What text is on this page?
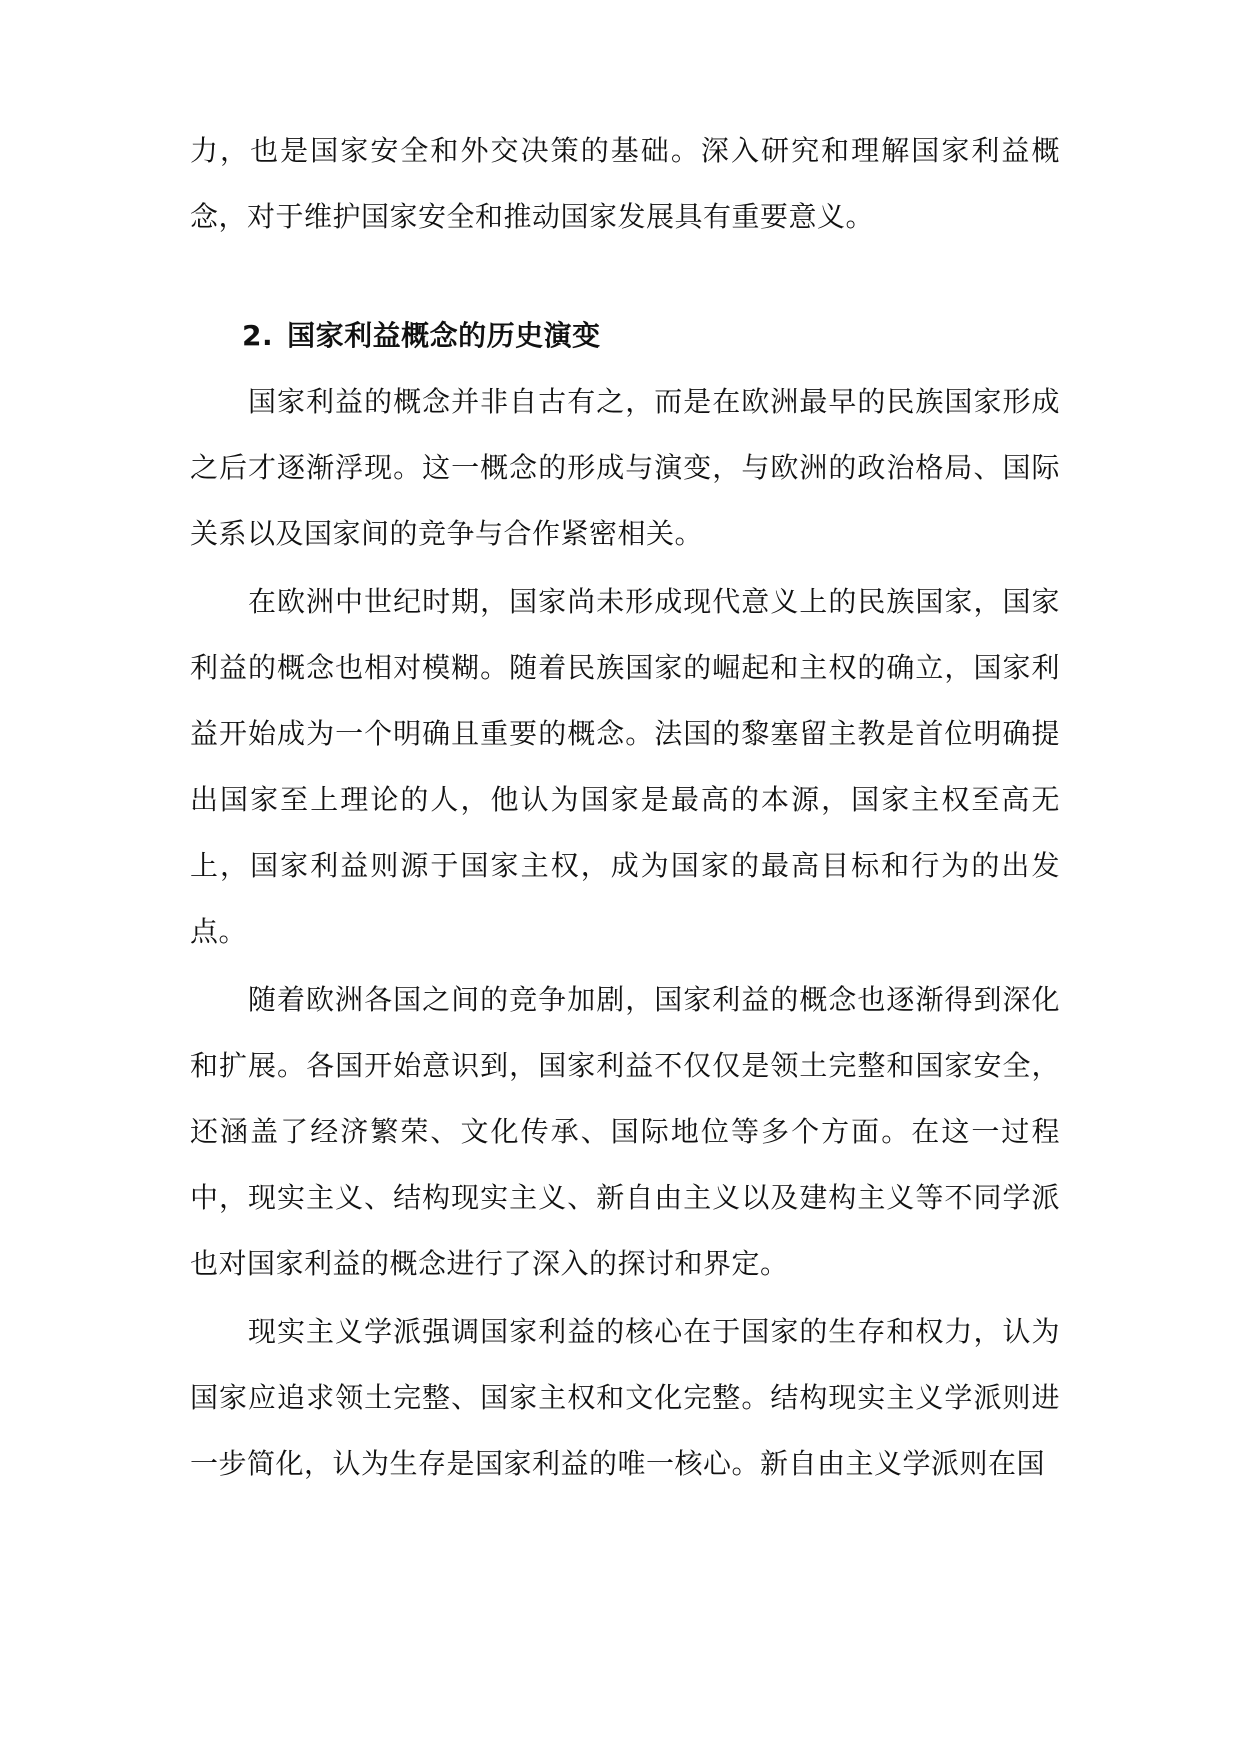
力，也是国家安全和外交决策的基础。深入研究和理解国家利益概念，对于维护国家安全和推动国家发展具有重要意义。

2. 国家利益概念的历史演变

国家利益的概念并非自古有之，而是在欧洲最早的民族国家形成之后才逐渐浮现。这一概念的形成与演变，与欧洲的政治格局、国际关系以及国家间的竞争与合作紧密相关。

在欧洲中世纪时期，国家尚未形成现代意义上的民族国家，国家利益的概念也相对模糊。随着民族国家的崛起和主权的确立，国家利益开始成为一个明确且重要的概念。法国的黎塞留主教是首位明确提出国家至上理论的人，他认为国家是最高的本源，国家主权至高无上，国家利益则源于国家主权，成为国家的最高目标和行为的出发点。

随着欧洲各国之间的竞争加剧，国家利益的概念也逐渐得到深化和扩展。各国开始意识到，国家利益不仅仅是领土完整和国家安全，还涵盖了经济繁荣、文化传承、国际地位等多个方面。在这一过程中，现实主义、结构现实主义、新自由主义以及建构主义等不同学派也对国家利益的概念进行了深入的探讨和界定。

现实主义学派强调国家利益的核心在于国家的生存和权力，认为国家应追求领土完整、国家主权和文化完整。结构现实主义学派则进一步简化，认为生存是国家利益的唯一核心。新自由主义学派则在国
